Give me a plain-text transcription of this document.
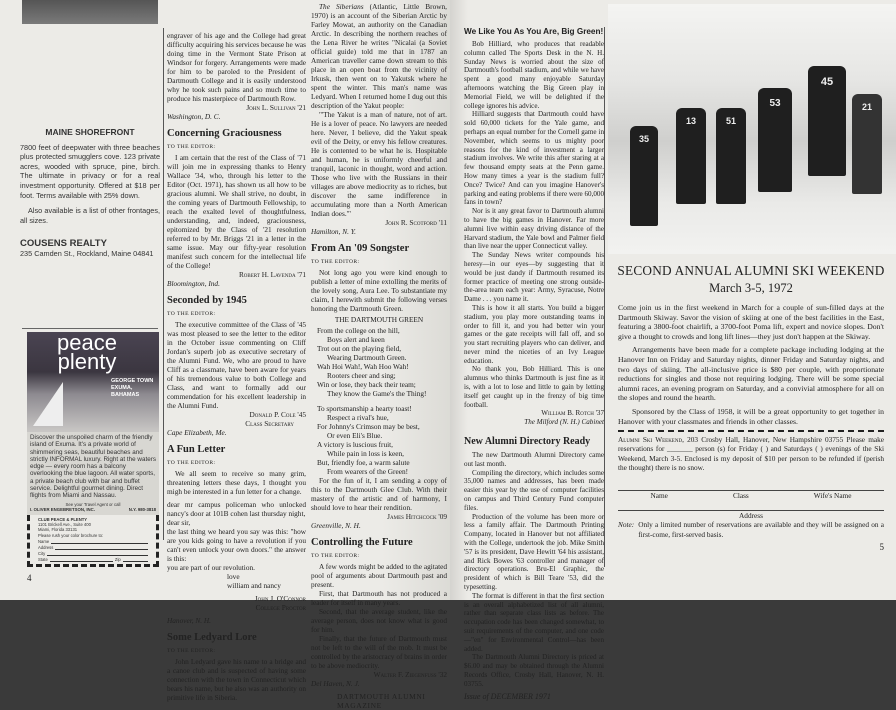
MAINE SHOREFRONT
7800 feet of deepwater with three beaches plus protected smugglers cove. 123 private acres, wooded with spruce, pine, birch. The ultimate in privacy or for a real investment opportunity. Offered at $18 per foot. Terms available with 25% down.
Also available is a list of other frontages, all sizes.
COUSENS REALTY
235 Camden St., Rockland, Maine 04841
peace
plenty
GEORGE TOWN EXUMA, BAHAMAS
Discover the unspoiled charm of the friendly island of Exuma. It's a private world of shimmering seas, beautiful beaches and strictly INFORMAL luxury. Right at the waters edge — every room has a balcony overlooking the blue lagoon. All water sports, a private beach club with bar and buffet service. Delightful gourmet dining. Direct flights from Miami and Nassau.
See your Travel Agent or call
I. OLIVER ENGEBRETSON, INC.	N.Y. 980-3818
CLUB PEACE & PLENTY
1101 Brickell Ave., Suite 400
Miami, Florida 33131
Please rush your color brochure to:
Name
Address
City
State	Zip
4

engraver of his age and the College had great difficulty acquiring his services because he was doing time in the Vermont State Prison at Windsor for forgery. Arrangements were made for him to be paroled to the President of Dartmouth College and it is easily understood why he took such pains and so much time to produce his masterpiece of Dartmouth Row.

John L. Sullivan '21

Washington, D. C.

Concerning Graciousness

TO THE EDITOR:

I am certain that the rest of the Class of '71 will join me in expressing thanks to Henry Wallace '34, who, through his letter to the Editor (Oct. 1971), has shown us all how to be gracious alumni. We shall strive, no doubt, in the coming years of Dartmouth Fellowship, to reach the exalted level of thoughtfulness, understanding, and, indeed, graciousness, epitomized by the Class of '21 resolution referred to by Mr. Briggs '21 in a letter in the same issue. May our fifty-year resolution manifest such concern for the intellectual life of the College!

Robert H. Lavenda '71

Bloomington, Ind.

Seconded by 1945

TO THE EDITOR:

The executive committee of the Class of '45 was most pleased to see the letter to the editor in the October issue commenting on Cliff Jordan's superb job as executive secretary of the Alumni Fund. We, who are proud to have Cliff as a classmate, have been aware for years of his tremendous value to both College and Class, and want to formally add our commendation for his excellent leadership in the Alumni Fund.

Donald P. Cole '45

Class Secretary

Cape Elizabeth, Me.

A Fun Letter

TO THE EDITOR:

We all seem to receive so many grim, threatening letters these days, I thought you migh be interested in a fun letter for a change.

dear mr campus policeman who unlocked nancy's door at 101B cohen last thursday night,

dear sir,

the last thing we heard you say was this: "how are you kids going to have a revolution if you can't even unlock your own doors." the answer is this:

you are part of our revolution.

love

william and nancy

John J. O'Connor

College Proctor

Hanover, N. H.

Some Ledyard Lore

TO THE EDITOR:

John Ledyard gave his name to a bridge and a canoe club and is suspected of having some connection with the town in Connecticut which bears his name, but he also was an authority on primitive life in Siberia.

The Siberians (Atlantic, Little Brown, 1970) is an account of the Siberian Arctic by Farley Mowat, an authority on the Canadian Arctic. In describing the northern reaches of the Lena River he writes "Nicalai (a Soviet official guide) told me that in 1787 an American traveller came down stream to this place in an open boat from the vicinity of Irkusk, then went on to Yakutsk where he spent the winter. This man's name was Ledyard. When I returned home I dug out this description of the Yakut people:

"'The Yakut is a man of nature, not of art. He is a lover of peace. No lawyers are needed here. Never, I believe, did the Yakut speak evil of the Deity, or envy his fellow creatures. He is contented to be what he is. Hospitable and human, he is uniformly cheerful and tranquil, laconic in thought, word and action. Those who live with the Russians in their villages are above mediocrity as to riches, but discover the same indifference in accumulating more than a North American Indian does.'"

John R. Scotford '11

Hamilton, N. Y.

From An '09 Songster

TO THE EDITOR:

Not long ago you were kind enough to publish a letter of mine extolling the merits of the lovely song, Aura Lee. To substantiate my claim, I herewith submit the following verses honoring the Dartmouth Green.

THE DARTMOUTH GREEN

From the college on the hill,
Boys alert and keen
Trot out on the playing field,
Wearing Dartmouth Green.
Wah Hoi Wah!, Wah Hoo Wah!
Rooters cheer and sing;
Win or lose, they back their team;
They know the Game's the Thing!
To sportsmanship a hearty toast!
Respect a rival's hue,
For Johnny's Crimson may be best,
Or even Eli's Blue.
A victory is luscious fruit,
While pain in loss is keen,
But, friendly foe, a warm salute
From wearers of the Green!

For the fun of it, I am sending a copy of this to the Dartmouth Glee Club. With their mastery of the artistic and of harmony, I should love to hear their rendition.

James Hitchcock '09

Greenville, N. H.

Controlling the Future

TO THE EDITOR:

A few words might be added to the agitated pool of arguments about Dartmouth past and present.

First, that Dartmouth has not produced a leader for itself in many years.

Second, that the average student, like the average person, does not know what is good for him.

Finally, that the future of Dartmouth must not be left to the will of the mob. It must be controlled by the aristocracy of brains in order to be above mediocrity.

Walter F. Ziegenfuss '32

Del Haven, N. J.

DARTMOUTH ALUMNI MAGAZINE
We Like You As You Are, Big Green!

Bob Hilliard, who produces that readable column called The Sports Desk in the N. H. Sunday News is worried about the size of Dartmouth's football stadium, and while we have spent a good many enjoyable Saturday afternoons watching the Big Green play in Memorial Field, we will be delighted if the college ignores his advice.

Hilliard suggests that Dartmouth could have sold 60,000 tickets for the Yale game, and perhaps an equal number for the Cornell game in November, which seems to us mighty poor reasons for the kind of investment a larger stadium involves. We write this after staring at a few thousand empty seats at the Penn game. How many times a year is the stadium full? Once? Twice? And can you imagine Hanover's parking and eating problems if there were 60,000 fans in town?

Nor is it any great favor to Dartmouth alumni to have the big games in Hanover. Far more alumni live within easy driving distance of the Harvard stadium, the Yale bowl and Palmer field than live near the upper Connecticut valley.

The Sunday News writer compounds his heresy—in our eyes—by suggesting that it would be just dandy if Dartmouth resumed its former practice of meeting one strong outside-the-area team each year: Army, Syracuse, Notre Dame . . . you name it.

This is how it all starts. You build a bigger stadium, you play more outstanding teams in order to fill it, and you had better win your games or the gate receipts will fall off, and so you start recruiting players who can deliver, and never mind the niceties of an Ivy League education.

No thank you, Bob Hilliard. This is one alumnus who thinks Dartmouth is just fine as it is, with a lot to lose and little to gain by letting itself get caught up in the frenzy of big time football.

William B. Rotch '37

The Milford (N. H.) Cabinet

New Alumni Directory Ready

The new Dartmouth Alumni Directory came out last month.

Compiling the directory, which includes some 35,000 names and addresses, has been made easier this year by the use of computer facilities on campus and Third Century Fund computer files.

Production of the volume has been more or less a family affair. The Dartmouth Printing Company, located in Hanover but not affiliated with the College, undertook the job. Mike Smith '57 is its president, Dave Hewitt '64 his assistant, and Rick Bowes '63 controller and manager of directory operations. Bru-El Graphic, the president of which is Bill Teare '53, did the typesetting.

The format is different in that the first section is an overall alphabetized list of all alumni, rather than separate class lists as before. The occupation code has been changed somewhat, to suit requirements of the computer, and one code—"en" for Environmental Control—has been added.

The Dartmouth Alumni Directory is priced at $6.00 and may be obtained through the Alumni Records Office, Crosby Hall, Hanover, N. H. 03755.

Issue of DECEMBER 1971
45
53
13	51
35
21
SECOND ANNUAL ALUMNI SKI WEEKEND
March 3-5, 1972

Come join us in the first weekend in March for a couple of sun-filled days at the Dartmouth Skiway. Savor the vision of skiing at one of the best facilities in the East, featuring a 3800-foot chairlift, a 3700-foot Poma lift, expert and novice slopes. Don't give a thought to crowds and long lift lines—they just don't happen at the Skiway.

Arrangements have been made for a complete package including lodging at the Hanover Inn on Friday and Saturday nights, dinner Friday and Saturday nights, and two days of skiing. The all-inclusive price is $80 per couple, with proportionate reductions for singles and those not requiring lodging. There will be some special alumni races, an evening program on Saturday, and a convivial atmosphere for all on the slopes and round the hearth.

Sponsored by the Class of 1958, it will be a great opportunity to get together in Hanover with your classmates and friends in other classes.

Alumni Ski Weekend, 203 Crosby Hall, Hanover, New Hampshire 03755 Please make reservations for _______ person (s) for Friday ( ) and Saturdays ( ) evenings of the Ski Weekend, March 3-5. Enclosed is my deposit of $10 per person to be refunded if (perish the thought) there is no snow.

Name	Class	Wife's Name
Address

Note: Only a limited number of reservations are available and they will be assigned on a first-come, first-served basis.

5
